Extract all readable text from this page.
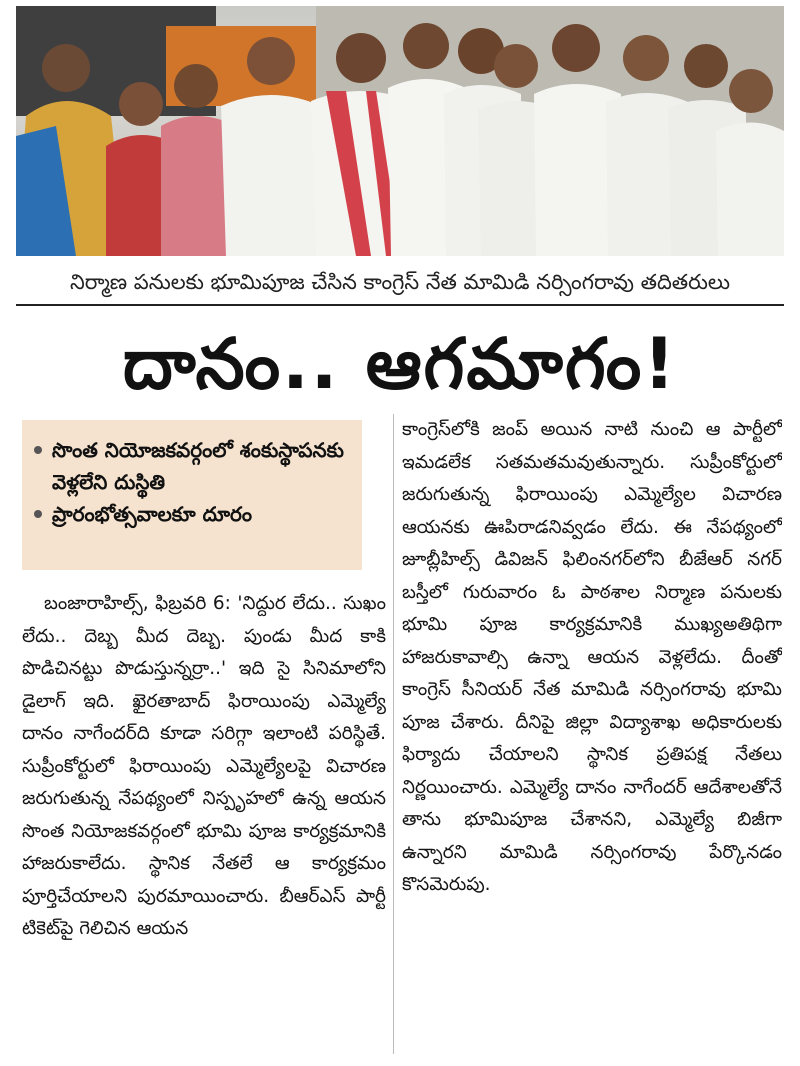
నిర్మాణ పనులకు భూమిపూజ చేసిన కాంగ్రెస్ నేత మామిడి నర్సింగరావు తదితరులు
దానం.. ఆగమాగం!
సొంత నియోజకవర్గంలో శంకుస్థాపనకు వెళ్లలేని దుస్థితి
ప్రారంభోత్సవాలకూ దూరం
బంజారాహిల్స్, ఫిబ్రవరి 6: 'నిద్దుర లేదు.. సుఖం లేదు.. దెబ్బ మీద దెబ్బ. పుండు మీద కాకి పొడిచినట్టు పొడుస్తున్నర్రా..' ఇది సై సినిమాలోని డైలాగ్ ఇది. ఖైరతాబాద్ ఫిరాయింపు ఎమ్మెల్యే దానం నాగేందర్‌ది కూడా సరిగ్గా ఇలాంటి పరిస్థితే. సుప్రీంకోర్టులో ఫిరాయింపు ఎమ్మెల్యేలపై విచారణ జరుగుతున్న నేపథ్యంలో నిస్పృహలో ఉన్న ఆయన సొంత నియోజకవర్గంలో భూమి పూజ కార్యక్రమానికి హాజరుకాలేదు. స్థానిక నేతలే ఆ కార్యక్రమం పూర్తిచేయాలని పురమాయించారు. బీఆర్ఎస్ పార్టీ టికెట్‌పై గెలిచిన ఆయన
కాంగ్రెస్‌లోకి జంప్ అయిన నాటి నుంచి ఆ పార్టీలో ఇమడలేక సతమతమవుతున్నారు. సుప్రీంకోర్టులో జరుగుతున్న ఫిరాయింపు ఎమ్మెల్యేల విచారణ ఆయనకు ఊపిరాడనివ్వడం లేదు. ఈ నేపథ్యంలో జూబ్లీహిల్స్ డివిజన్ ఫిలింనగర్‌లోని బీజేఆర్ నగర్ బస్తీలో గురువారం ఓ పాఠశాల నిర్మాణ పనులకు భూమి పూజ కార్యక్రమానికి ముఖ్యఅతిథిగా హాజరుకావాల్సి ఉన్నా ఆయన వెళ్లలేదు. దీంతో కాంగ్రెస్ సీనియర్ నేత మామిడి నర్సింగరావు భూమి పూజ చేశారు. దీనిపై జిల్లా విద్యాశాఖ అధికారులకు ఫిర్యాదు చేయాలని స్థానిక ప్రతిపక్ష నేతలు నిర్ణయించారు. ఎమ్మెల్యే దానం నాగేందర్ ఆదేశాలతోనే తాను భూమిపూజ చేశానని, ఎమ్మెల్యే బిజీగా ఉన్నారని మామిడి నర్సింగరావు పేర్కొనడం కొసమెరుపు.
